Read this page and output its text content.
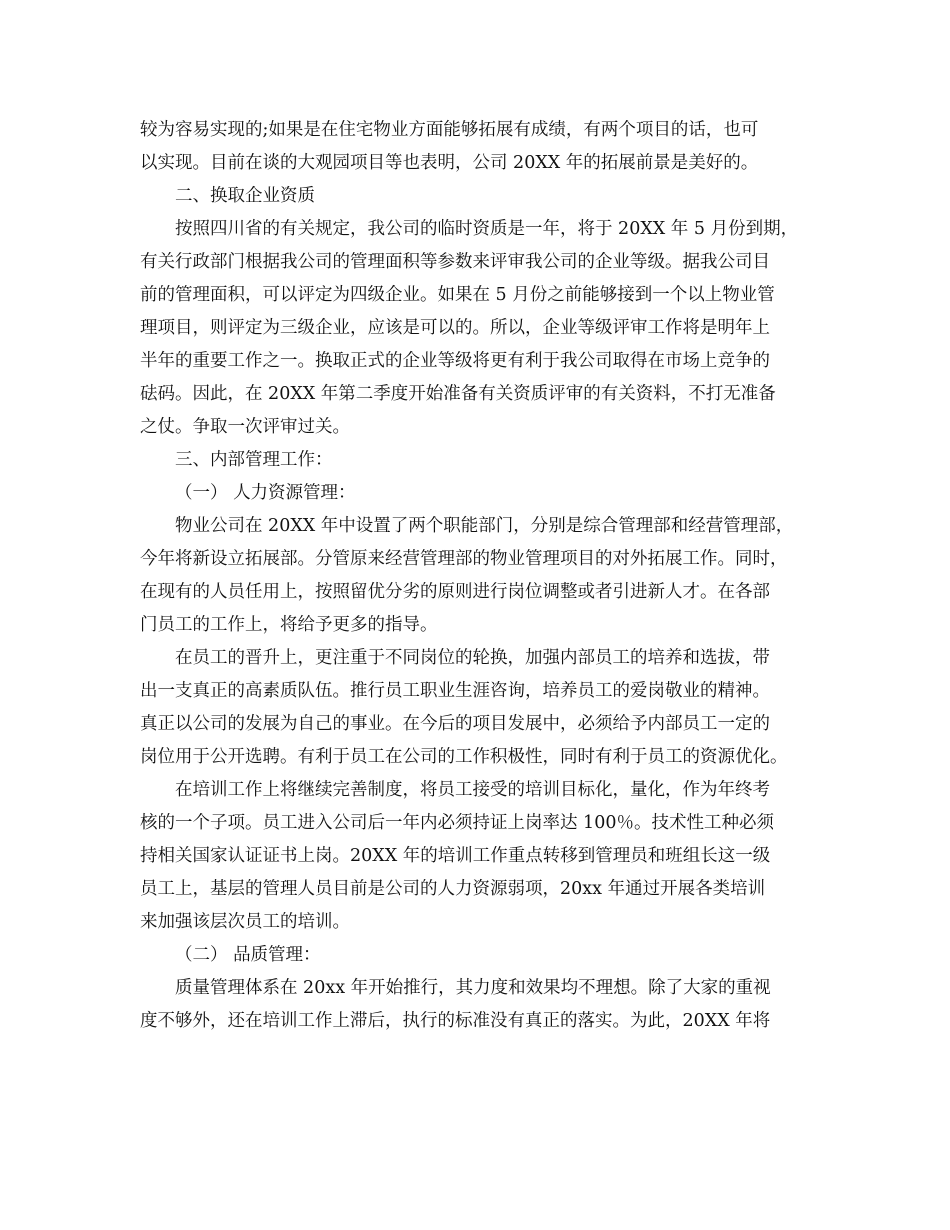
较为容易实现的;如果是在住宅物业方面能够拓展有成绩，有两个项目的话，也可
以实现。目前在谈的大观园项目等也表明，公司 20XX 年的拓展前景是美好的。
二、换取企业资质
按照四川省的有关规定，我公司的临时资质是一年，将于 20XX 年 5 月份到期，
有关行政部门根据我公司的管理面积等参数来评审我公司的企业等级。据我公司目
前的管理面积，可以评定为四级企业。如果在 5 月份之前能够接到一个以上物业管
理项目，则评定为三级企业，应该是可以的。所以，企业等级评审工作将是明年上
半年的重要工作之一。换取正式的企业等级将更有利于我公司取得在市场上竞争的
砝码。因此，在 20XX 年第二季度开始准备有关资质评审的有关资料，不打无准备
之仗。争取一次评审过关。
三、内部管理工作：
（一） 人力资源管理：
物业公司在 20XX 年中设置了两个职能部门，分别是综合管理部和经营管理部，
今年将新设立拓展部。分管原来经营管理部的物业管理项目的对外拓展工作。同时，
在现有的人员任用上，按照留优分劣的原则进行岗位调整或者引进新人才。在各部
门员工的工作上，将给予更多的指导。
在员工的晋升上，更注重于不同岗位的轮换，加强内部员工的培养和选拔，带
出一支真正的高素质队伍。推行员工职业生涯咨询，培养员工的爱岗敬业的精神。
真正以公司的发展为自己的事业。在今后的项目发展中，必须给予内部员工一定的
岗位用于公开选聘。有利于员工在公司的工作积极性，同时有利于员工的资源优化。
在培训工作上将继续完善制度，将员工接受的培训目标化，量化，作为年终考
核的一个子项。员工进入公司后一年内必须持证上岗率达 100％。技术性工种必须
持相关国家认证证书上岗。20XX 年的培训工作重点转移到管理员和班组长这一级
员工上，基层的管理人员目前是公司的人力资源弱项，20xx 年通过开展各类培训
来加强该层次员工的培训。
（二） 品质管理：
质量管理体系在 20xx 年开始推行，其力度和效果均不理想。除了大家的重视
度不够外，还在培训工作上滞后，执行的标准没有真正的落实。为此，20XX 年将
